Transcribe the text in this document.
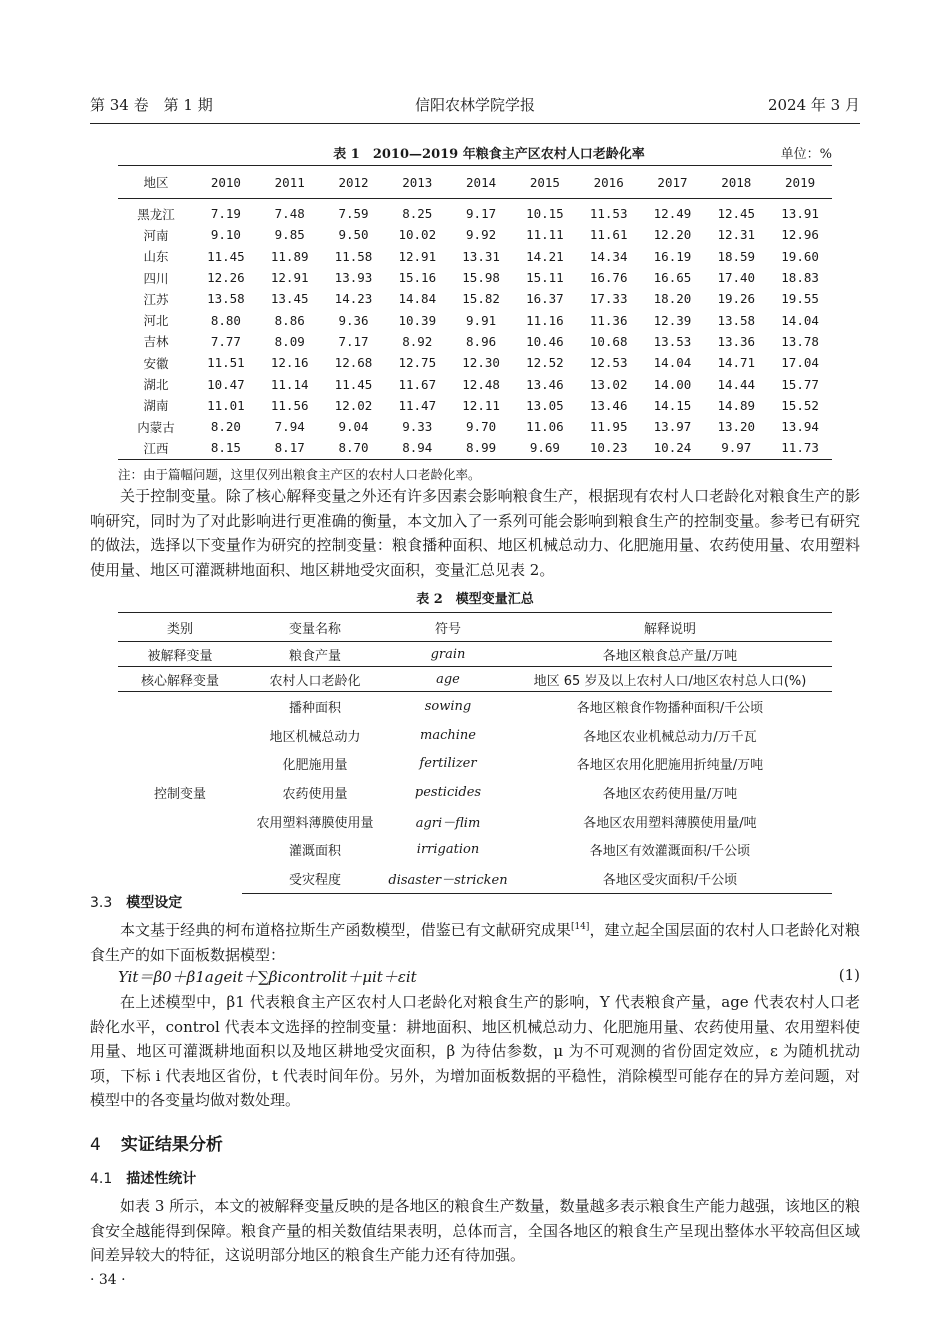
第 34 卷　第 1 期	信阳农林学院学报	2024 年 3 月
表 1　2010—2019 年粮食主产区农村人口老龄化率	单位：%
地区	2010	2011	2012	2013	2014	2015	2016	2017	2018	2019
黑龙江	7.19	7.48	7.59	8.25	9.17	10.15	11.53	12.49	12.45	13.91
河南	9.10	9.85	9.50	10.02	9.92	11.11	11.61	12.20	12.31	12.96
山东	11.45	11.89	11.58	12.91	13.31	14.21	14.34	16.19	18.59	19.60
四川	12.26	12.91	13.93	15.16	15.98	15.11	16.76	16.65	17.40	18.83
江苏	13.58	13.45	14.23	14.84	15.82	16.37	17.33	18.20	19.26	19.55
河北	8.80	8.86	9.36	10.39	9.91	11.16	11.36	12.39	13.58	14.04
吉林	7.77	8.09	7.17	8.92	8.96	10.46	10.68	13.53	13.36	13.78
安徽	11.51	12.16	12.68	12.75	12.30	12.52	12.53	14.04	14.71	17.04
湖北	10.47	11.14	11.45	11.67	12.48	13.46	13.02	14.00	14.44	15.77
湖南	11.01	11.56	12.02	11.47	12.11	13.05	13.46	14.15	14.89	15.52
内蒙古	8.20	7.94	9.04	9.33	9.70	11.06	11.95	13.97	13.20	13.94
江西	8.15	8.17	8.70	8.94	8.99	9.69	10.23	10.24	9.97	11.73
注：由于篇幅问题，这里仅列出粮食主产区的农村人口老龄化率。
关于控制变量。除了核心解释变量之外还有许多因素会影响粮食生产，根据现有农村人口老龄化对粮食生产的影响研究，同时为了对此影响进行更准确的衡量，本文加入了一系列可能会影响到粮食生产的控制变量。参考已有研究的做法，选择以下变量作为研究的控制变量：粮食播种面积、地区机械总动力、化肥施用量、农药使用量、农用塑料使用量、地区可灌溉耕地面积、地区耕地受灾面积，变量汇总见表 2。
表 2　模型变量汇总
类别	变量名称	符号	解释说明
被解释变量	粮食产量	grain	各地区粮食总产量/万吨
核心解释变量	农村人口老龄化	age	地区 65 岁及以上农村人口/地区农村总人口(%)
控制变量	播种面积	sowing	各地区粮食作物播种面积/千公顷
	地区机械总动力	machine	各地区农业机械总动力/万千瓦
	化肥施用量	fertilizer	各地区农用化肥施用折纯量/万吨
	农药使用量	pesticides	各地区农药使用量/万吨
	农用塑料薄膜使用量	agri－flim	各地区农用塑料薄膜使用量/吨
	灌溉面积	irrigation	各地区有效灌溉面积/千公顷
	受灾程度	disaster－stricken	各地区受灾面积/千公顷
3.3 模型设定
本文基于经典的柯布道格拉斯生产函数模型，借鉴已有文献研究成果[14]，建立起全国层面的农村人口老龄化对粮食生产的如下面板数据模型：
Yit＝β0＋β1ageit＋∑βicontrolit＋μit＋εit	(1)
在上述模型中，β1 代表粮食主产区农村人口老龄化对粮食生产的影响，Y 代表粮食产量，age 代表农村人口老龄化水平，control 代表本文选择的控制变量：耕地面积、地区机械总动力、化肥施用量、农药使用量、农用塑料使用量、地区可灌溉耕地面积以及地区耕地受灾面积，β 为待估参数，μ 为不可观测的省份固定效应，ε 为随机扰动项，下标 i 代表地区省份，t 代表时间年份。另外，为增加面板数据的平稳性，消除模型可能存在的异方差问题，对模型中的各变量均做对数处理。
4 实证结果分析
4.1 描述性统计
如表 3 所示，本文的被解释变量反映的是各地区的粮食生产数量，数量越多表示粮食生产能力越强，该地区的粮食安全越能得到保障。粮食产量的相关数值结果表明，总体而言，全国各地区的粮食生产呈现出整体水平较高但区域间差异较大的特征，这说明部分地区的粮食生产能力还有待加强。
· 34 ·
